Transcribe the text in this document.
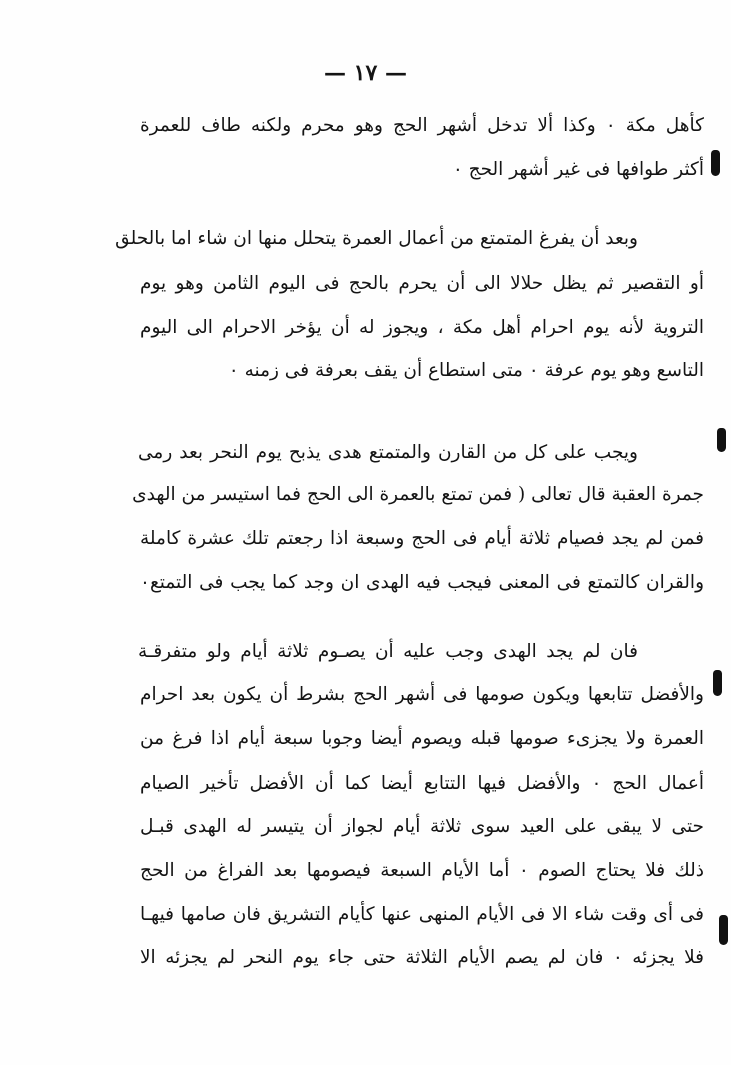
— ١٧ —
كأهل مكة ٠ وكذا ألا تدخل أشهر الحج وهو محرم ولكنه طاف للعمرة
أكثر طوافها فى غير أشهر الحج ٠
وبعد أن يفرغ المتمتع من أعمال العمرة يتحلل منها ان شاء اما بالحلق
أو التقصير ثم يظل حلالا الى أن يحرم بالحج فى اليوم الثامن وهو يوم
التروية لأنه يوم احرام أهل مكة ، ويجوز له أن يؤخر الاحرام الى اليوم
التاسع وهو يوم عرفة ٠ متى استطاع أن يقف بعرفة فى زمنه ٠
ويجب على كل من القارن والمتمتع هدى يذبح يوم النحر بعد رمى
جمرة العقبة قال تعالى ( فمن تمتع بالعمرة الى الحج فما استيسر من الهدى
فمن لم يجد فصيام ثلاثة أيام فى الحج وسبعة اذا رجعتم تلك عشرة كاملة
والقران كالتمتع فى المعنى فيجب فيه الهدى ان وجد كما يجب فى التمتع٠
فان لم يجد الهدى وجب عليه أن يصـوم ثلاثة أيام ولو متفرقـة
والأفضل تتابعها ويكون صومها فى أشهر الحج بشرط أن يكون بعد احرام
العمرة ولا يجزىء صومها قبله ويصوم أيضا وجوبا سبعة أيام اذا فرغ من
أعمال الحج ٠ والأفضل فيها التتابع أيضا كما أن الأفضل تأخير الصيام
حتى لا يبقى على العيد سوى ثلاثة أيام لجواز أن يتيسر له الهدى قبـل
ذلك فلا يحتاج الصوم ٠ أما الأيام السبعة فيصومها بعد الفراغ من الحج
فى أى وقت شاء الا فى الأيام المنهى عنها كأيام التشريق فان صامها فيهـا
فلا يجزئه ٠ فان لم يصم الأيام الثلاثة حتى جاء يوم النحر لم يجزئه الا
